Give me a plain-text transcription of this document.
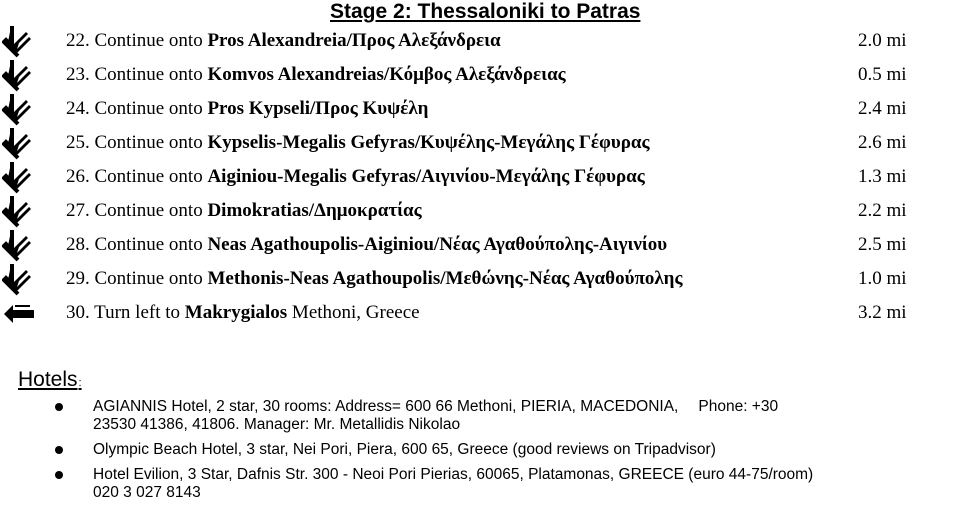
Stage 2: Thessaloniki to Patras
22. Continue onto Pros Alexandreia/Προς Αλεξάνδρεια	2.0 mi
23. Continue onto Komvos Alexandreias/Κόμβος Αλεξάνδρειας	0.5 mi
24. Continue onto Pros Kypseli/Προς Κυψέλη	2.4 mi
25. Continue onto Kypselis-Megalis Gefyras/Κυψέλης-Μεγάλης Γέφυρας	2.6 mi
26. Continue onto Aiginiou-Megalis Gefyras/Αιγινίου-Μεγάλης Γέφυρας	1.3 mi
27. Continue onto Dimokratias/Δημοκρατίας	2.2 mi
28. Continue onto Neas Agathoupolis-Aiginiou/Νέας Αγαθούπολης-Αιγινίου	2.5 mi
29. Continue onto Methonis-Neas Agathoupolis/Μεθώνης-Νέας Αγαθούπολης	1.0 mi
30. Turn left to Makrygialos Methoni, Greece	3.2 mi
Hotels:
AGIANNIS Hotel, 2 star, 30 rooms: Address= 600 66 Methoni, PIERIA, MACEDONIA, Phone: +30
23530 41386, 41806. Manager: Mr. Metallidis Nikolao
Olympic Beach Hotel, 3 star, Nei Pori, Piera, 600 65, Greece (good reviews on Tripadvisor)
Hotel Evilion, 3 Star, Dafnis Str. 300 - Neoi Pori Pierias, 60065, Platamonas, GREECE (euro 44-75/room)
020 3 027 8143
